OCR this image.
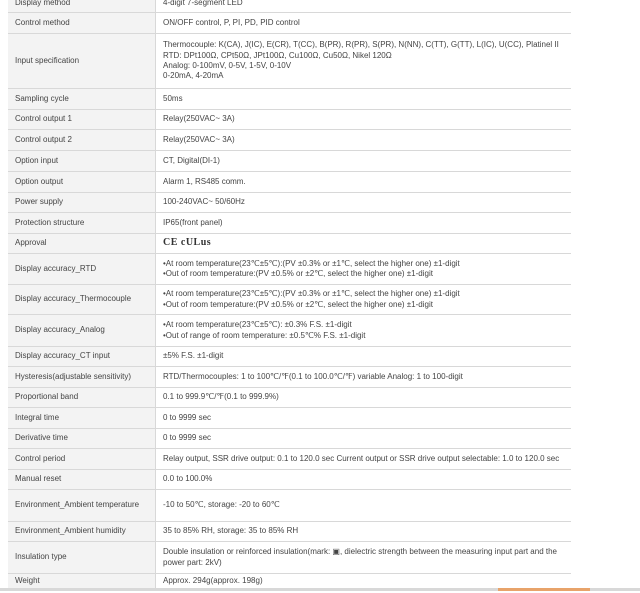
Display method	4-digit 7-segment LED

Control method	ON/OFF control, P, PI, PD, PID control

Input specification	Thermocouple: K(CA), J(IC), E(CR), T(CC), B(PR), R(PR), S(PR), N(NN), C(TT), G(TT), L(IC), U(CC), Platinel II
RTD: DPt100Ω, CPt50Ω, JPt100Ω, Cu100Ω, Cu50Ω, Nikel 120Ω
Analog: 0-100mV, 0-5V, 1-5V, 0-10V
0-20mA, 4-20mA

Sampling cycle	50ms

Control output 1	Relay(250VAC~ 3A)

Control output 2	Relay(250VAC~ 3A)

Option input	CT, Digital(DI-1)

Option output	Alarm 1, RS485 comm.

Power supply	100-240VAC~ 50/60Hz

Protection structure	IP65(front panel)

Approval	CE cULus

Display accuracy_RTD	•At room temperature(23℃±5℃):(PV ±0.3% or ±1℃, select the higher one) ±1-digit
•Out of room temperature:(PV ±0.5% or ±2℃, select the higher one) ±1-digit

Display accuracy_Thermocouple	•At room temperature(23℃±5℃):(PV ±0.3% or ±1℃, select the higher one) ±1-digit
•Out of room temperature:(PV ±0.5% or ±2℃, select the higher one) ±1-digit

Display accuracy_Analog	•At room temperature(23℃±5℃): ±0.3% F.S. ±1-digit
•Out of range of room temperature: ±0.5℃% F.S. ±1-digit

Display accuracy_CT input	±5% F.S. ±1-digit

Hysteresis(adjustable sensitivity)	RTD/Thermocouples: 1 to 100℃/℉(0.1 to 100.0℃/℉) variable Analog: 1 to 100-digit

Proportional band	0.1 to 999.9℃/℉(0.1 to 999.9%)

Integral time	0 to 9999 sec

Derivative time	0 to 9999 sec

Control period	Relay output, SSR drive output: 0.1 to 120.0 sec Current output or SSR drive output selectable: 1.0 to 120.0 sec

Manual reset	0.0 to 100.0%

Environment_Ambient temperature	-10 to 50℃, storage: -20 to 60℃

Environment_Ambient humidity	35 to 85% RH, storage: 35 to 85% RH

Insulation type	Double insulation or reinforced insulation(mark: ▣, dielectric strength between the measuring input part and the
power part: 2kV)

Weight	Approx. 294g(approx. 198g)
